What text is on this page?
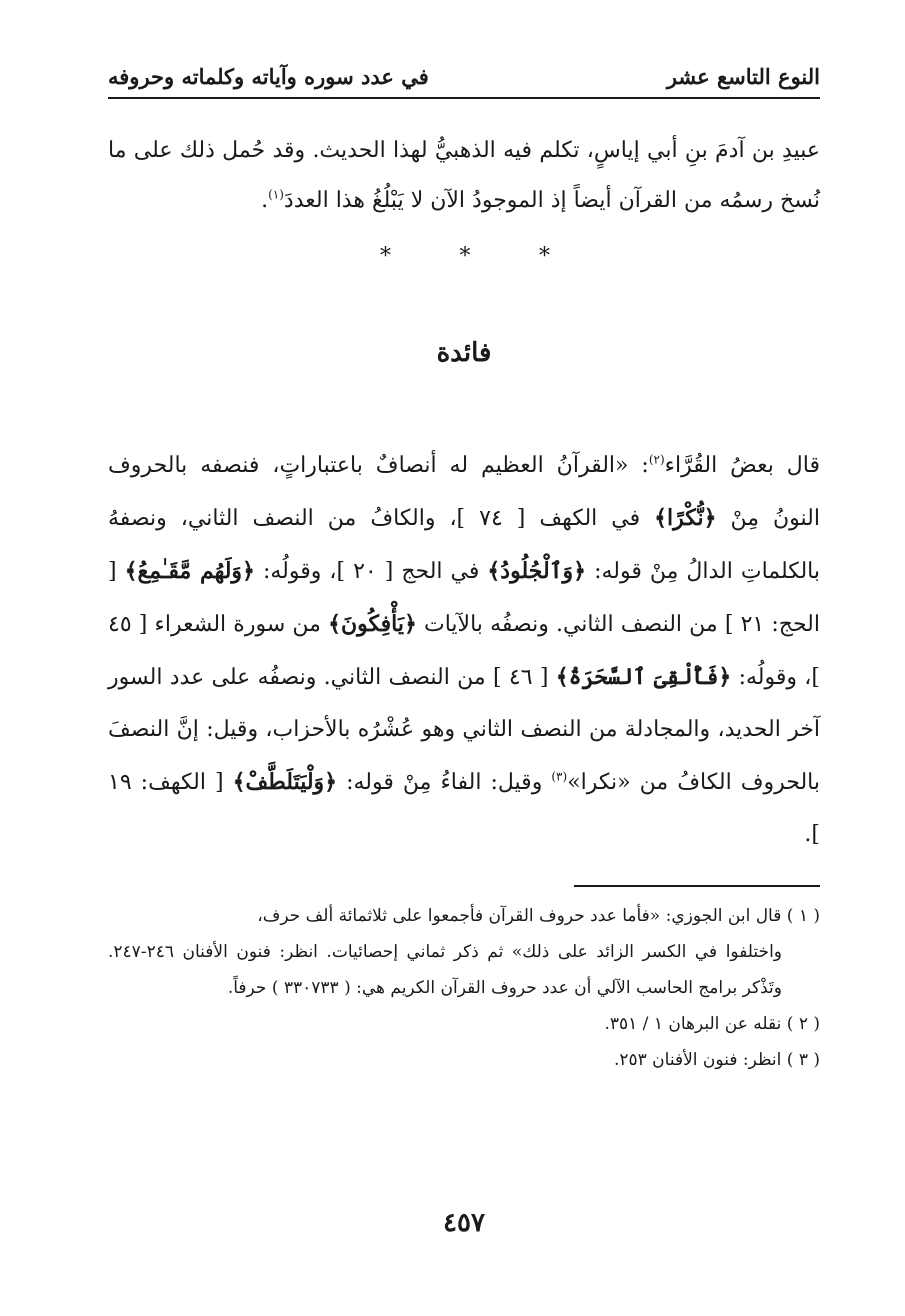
النوع التاسع عشر
في عدد سوره وآياته وكلماته وحروفه
عبيدِ بن آدمَ بنِ أبي إياسٍ، تكلم فيه الذهبيُّ لهذا الحديث. وقد حُمل ذلك على ما نُسخ رسمُه من القرآن أيضاً إذ الموجودُ الآن لا يَبْلُغُ هذا العددَ$^{(١)}$.
*
*
*
فائدة
قال بعضُ القُرَّاء$^{(٢)}$: «القرآنُ العظيم له أنصافٌ باعتباراتٍ، فنصفه بالحروف النونُ مِنْ ﴿نُّكْرًا﴾ في الكهف [ ٧٤ ]، والكافُ من النصف الثاني، ونصفهُ بالكلماتِ الدالُ مِنْ قوله: ﴿وَٱلْجُلُودُ﴾ في الحج [ ٢٠ ]، وقولُه: ﴿وَلَهُم مَّقَـٰمِعُ﴾ [ الحج: ٢١ ] من النصف الثاني. ونصفُه بالآيات ﴿يَأْفِكُونَ﴾ من سورة الشعراء [ ٤٥ ]، وقولُه: ﴿فَأُلْقِىَ ٱلسَّحَرَةُ﴾ [ ٤٦ ] من النصف الثاني. ونصفُه على عدد السور آخر الحديد، والمجادلة من النصف الثاني وهو عُشْرُه بالأحزاب، وقيل: إنَّ النصفَ بالحروف الكافُ من «نكرا»$^{(٣)}$ وقيل: الفاءُ مِنْ قوله: ﴿وَلْيَتَلَطَّفْ﴾ [ الكهف: ١٩ ].

( ١ ) قال ابن الجوزي: «فأما عدد حروف القرآن فأجمعوا على ثلاثمائة ألف حرف،

واختلفوا في الكسر الزائد على ذلك» ثم ذكر ثماني إحصائيات. انظر: فنون الأفنان ٢٤٦-٢٤٧. وتَذْكر برامج الحاسب الآلي أن عدد حروف القرآن الكريم هي: ( ٣٣٠٧٣٣ ) حرفاً.

( ٢ ) نقله عن البرهان ١ / ٣٥١.

( ٣ ) انظر: فنون الأفنان ٢٥٣.

٤٥٧
